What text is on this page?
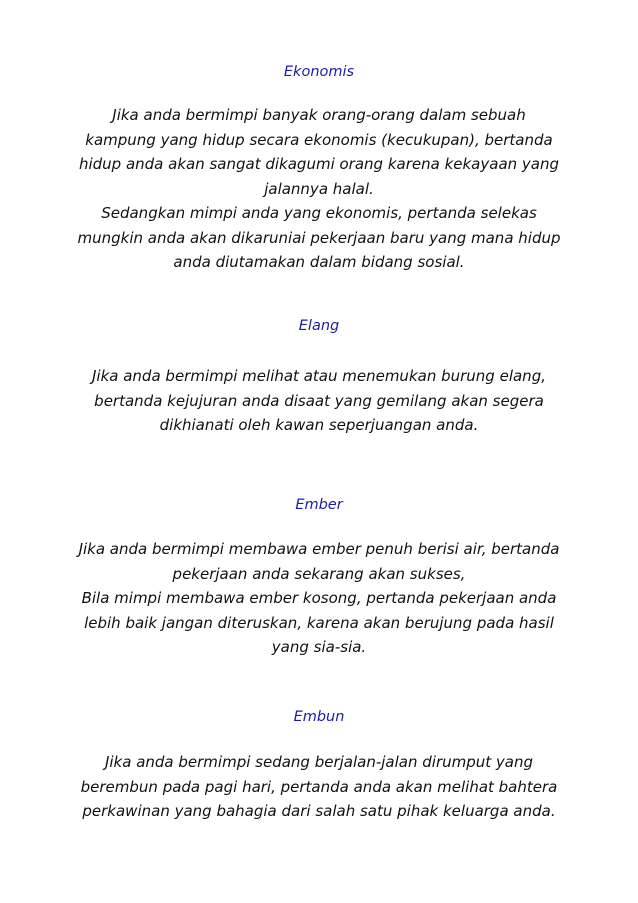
Ekonomis
Jika anda bermimpi banyak orang-orang dalam sebuah
kampung yang hidup secara ekonomis (kecukupan), bertanda
hidup anda akan sangat dikagumi orang karena kekayaan yang
jalannya halal.
Sedangkan mimpi anda yang ekonomis, pertanda selekas
mungkin anda akan dikaruniai pekerjaan baru yang mana hidup
anda diutamakan dalam bidang sosial.
Elang
Jika anda bermimpi melihat atau menemukan burung elang,
bertanda kejujuran anda disaat yang gemilang akan segera
dikhianati oleh kawan seperjuangan anda.
Ember
Jika anda bermimpi membawa ember penuh berisi air, bertanda
pekerjaan anda sekarang akan sukses,
Bila mimpi membawa ember kosong, pertanda pekerjaan anda
lebih baik jangan diteruskan, karena akan berujung pada hasil
yang sia-sia.
Embun
Jika anda bermimpi sedang berjalan-jalan dirumput yang
berembun pada pagi hari, pertanda anda akan melihat bahtera
perkawinan yang bahagia dari salah satu pihak keluarga anda.
